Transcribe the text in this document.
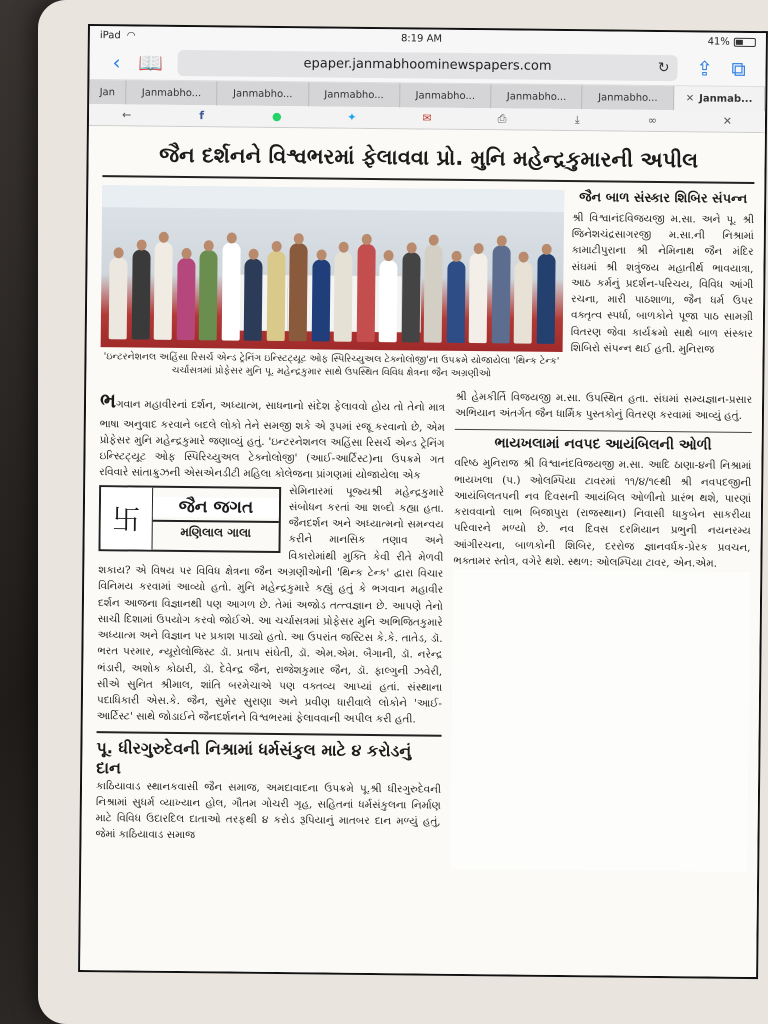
iPad ◠	8:19 AM	41%
‹ 📖	epaper.janmabhoominewspapers.com	↻	⇪ ⧉
Jan	Janmabho...	Janmabho...	Janmabho...	Janmabho...	Janmabho...	Janmabho...	✕ Janmab...
←	f	●	✦	✉	⎙	⤓	∞	✕
જૈન દર્શનને વિશ્વભરમાં ફેલાવવા પ્રો. મુનિ મહેન્દ્રકુમારની અપીલ
'ઇન્ટરનેશનલ અહિંસા રિસર્ચ એન્ડ ટ્રેનિંગ ઇન્સ્ટિટ્યૂટ ઓફ સ્પિરિચ્યુઅલ ટેક્નોલોજી'ના ઉપક્રમે યોજાયેલા 'થિન્ક ટેન્ક' ચર્ચાસત્રમાં પ્રોફેસર મુનિ પૂ. મહેન્દ્રકુમાર સાથે ઉપસ્થિત વિવિધ ક્ષેત્રના જૈન અગ્રણીઓ
જૈન બાળ સંસ્કાર શિબિર સંપન્ન
શ્રી વિશ્વાનંદવિજયજી મ.સા. અને પૂ. શ્રી જિનેશચંદ્રસાગરજી મ.સા.ની નિશ્રામાં કામાટીપુરાના શ્રી નેમિનાથ જૈન મંદિર સંઘમાં શ્રી શત્રુંજય મહાતીર્થ ભાવયાત્રા, આઠ કર્મનું પ્રદર્શન-પરિચય, વિવિધ આંગી રચના, મારી પાઠશાળા, જૈન ધર્મ ઉપર વક્તૃત્વ સ્પર્ધા, બાળકોને પૂજા પાઠ સામગ્રી વિતરણ જેવા કાર્યક્રમો સાથે બાળ સંસ્કાર શિબિરો સંપન્ન થઈ હતી. મુનિરાજ
ભગવાન મહાવીરનાં દર્શન, અધ્યાત્મ, સાધનાનો સંદેશ ફેલાવવો હોય તો તેનો માત્ર ભાષા અનુવાદ કરવાને બદલે લોકો તેને સમજી શકે એ રૂપમાં રજૂ કરવાનો છે, એમ પ્રોફેસર મુનિ મહેન્દ્રકુમારે જણાવ્યું હતું. 'ઇન્ટરનેશનલ અહિંસા રિસર્ચ એન્ડ ટ્રેનિંગ ઇન્સ્ટિટ્યૂટ ઓફ સ્પિરિચ્યુઅલ ટેક્નોલોજી' (આઈ-આર્ટિસ્ટ)ના ઉપક્રમે ગત રવિવારે સાંતાક્રુઝની એસએનડીટી મહિલા કોલેજના પ્રાંગણમાં યોજાયેલા એક
卐	જૈન જગત
મણિલાલ ગાલા
સેમિનારમાં પૂજ્યશ્રી મહેન્દ્રકુમારે સંબોધન કરતાં આ શબ્દો કહ્યા હતા. જૈનદર્શન અને અધ્યાત્મનો સમન્વય કરીને માનસિક તણાવ અને વિકારોમાંથી મુક્તિ કેવી રીતે મેળવી શકાય? એ વિષય પર વિવિધ ક્ષેત્રના જૈન અગ્રણીઓની 'થિન્ક ટેન્ક' દ્વારા વિચાર વિનિમય કરવામાં આવ્યો હતો. મુનિ મહેન્દ્રકુમારે કહ્યું હતું કે ભગવાન મહાવીર દર્શન આજના વિજ્ઞાનથી પણ આગળ છે. તેમાં અજોડ તત્ત્વજ્ઞાન છે. આપણે તેનો સાચી દિશામાં ઉપયોગ કરવો જોઈએ. આ ચર્ચાસત્રમાં પ્રોફેસર મુનિ અભિજિતકુમારે અધ્યાત્મ અને વિજ્ઞાન પર પ્રકાશ પાડ્યો હતો. આ ઉપરાંત જસ્ટિસ કે.કે. તાતેડ, ડૉ. ભરત પરમાર, ન્યૂરોલોજિસ્ટ ડૉ. પ્રતાપ સંઘેતી, ડૉ. એમ.એમ. બૈગાની, ડૉ. નરેન્દ્ર ભંડારી, અશોક કોઠારી, ડૉ. દેવેન્દ્ર જૈન, રાજેશકુમાર જૈન, ડૉ. ફાલ્ગુની ઝવેરી, સીએ સુનિત શ્રીમાલ, શાંતિ બરમેચાએ પણ વક્તવ્ય આપ્યાં હતાં. સંસ્થાના પદાધિકારી એસ.કે. જૈન, સુમેર સુરાણા અને પ્રવીણ ધારીવાલે લોકોને 'આઈ-આર્ટિસ્ટ' સાથે જોડાઈને જૈનદર્શનને વિશ્વભરમાં ફેલાવવાની અપીલ કરી હતી.
પૂ. ધીરગુરુદેવની નિશ્રામાં ધર્મસંકુલ માટે ૪ કરોડનું દાન
કાઠિયાવાડ સ્થાનકવાસી જૈન સમાજ, અમદાવાદના ઉપક્રમે પૂ.શ્રી ધીરગુરુદેવની નિશ્રામાં સુધર્મ વ્યાખ્યાન હોલ, ગૌતમ ગોચરી ગૃહ, સહિતનાં ધર્મસંકુલના નિર્માણ માટે વિવિધ ઉદારદિલ દાતાઓ તરફથી ૪ કરોડ રૂપિયાનું માતબર દાન મળ્યું હતું, જેમાં કાઠિયાવાડ સમાજ
શ્રી હેમકીર્તિ વિજયજી મ.સા. ઉપસ્થિત હતા. સંઘમાં સમ્યજ્ઞાન-પ્રસાર અભિયાન અંતર્ગત જૈન ધાર્મિક પુસ્તકોનું વિતરણ કરવામાં આવ્યું હતું.
ભાયખલામાં નવપદ આયંબિલની ઓળી
વરિષ્ઠ મુનિરાજ શ્રી વિશ્વાનંદવિજયજી મ.સા. આદિ ઠાણા-૪ની નિશ્રામાં ભાયખલા (પ.) ઓલમ્પિયા ટાવરમાં ૧૧/૪/૧૯થી શ્રી નવપદજીની આયંબિલતપની નવ દિવસની આયંબિલ ઓળીનો પ્રારંભ થશે, પારણાં કરાવવાનો લાભ બિજાપુરા (રાજસ્થાન) નિવાસી ધાકુબેન સાકરીયા પરિવારને મળ્યો છે. નવ દિવસ દરમિયાન પ્રભુની નયનરમ્ય આંગીરચના, બાળકોની શિબિર, દરરોજ જ્ઞાનવર્ધક-પ્રેરક પ્રવચન, ભક્તામર સ્તોત્ર, વગેરે થશે. સ્થળ: ઓલમ્પિયા ટાવર, એન.એમ.
